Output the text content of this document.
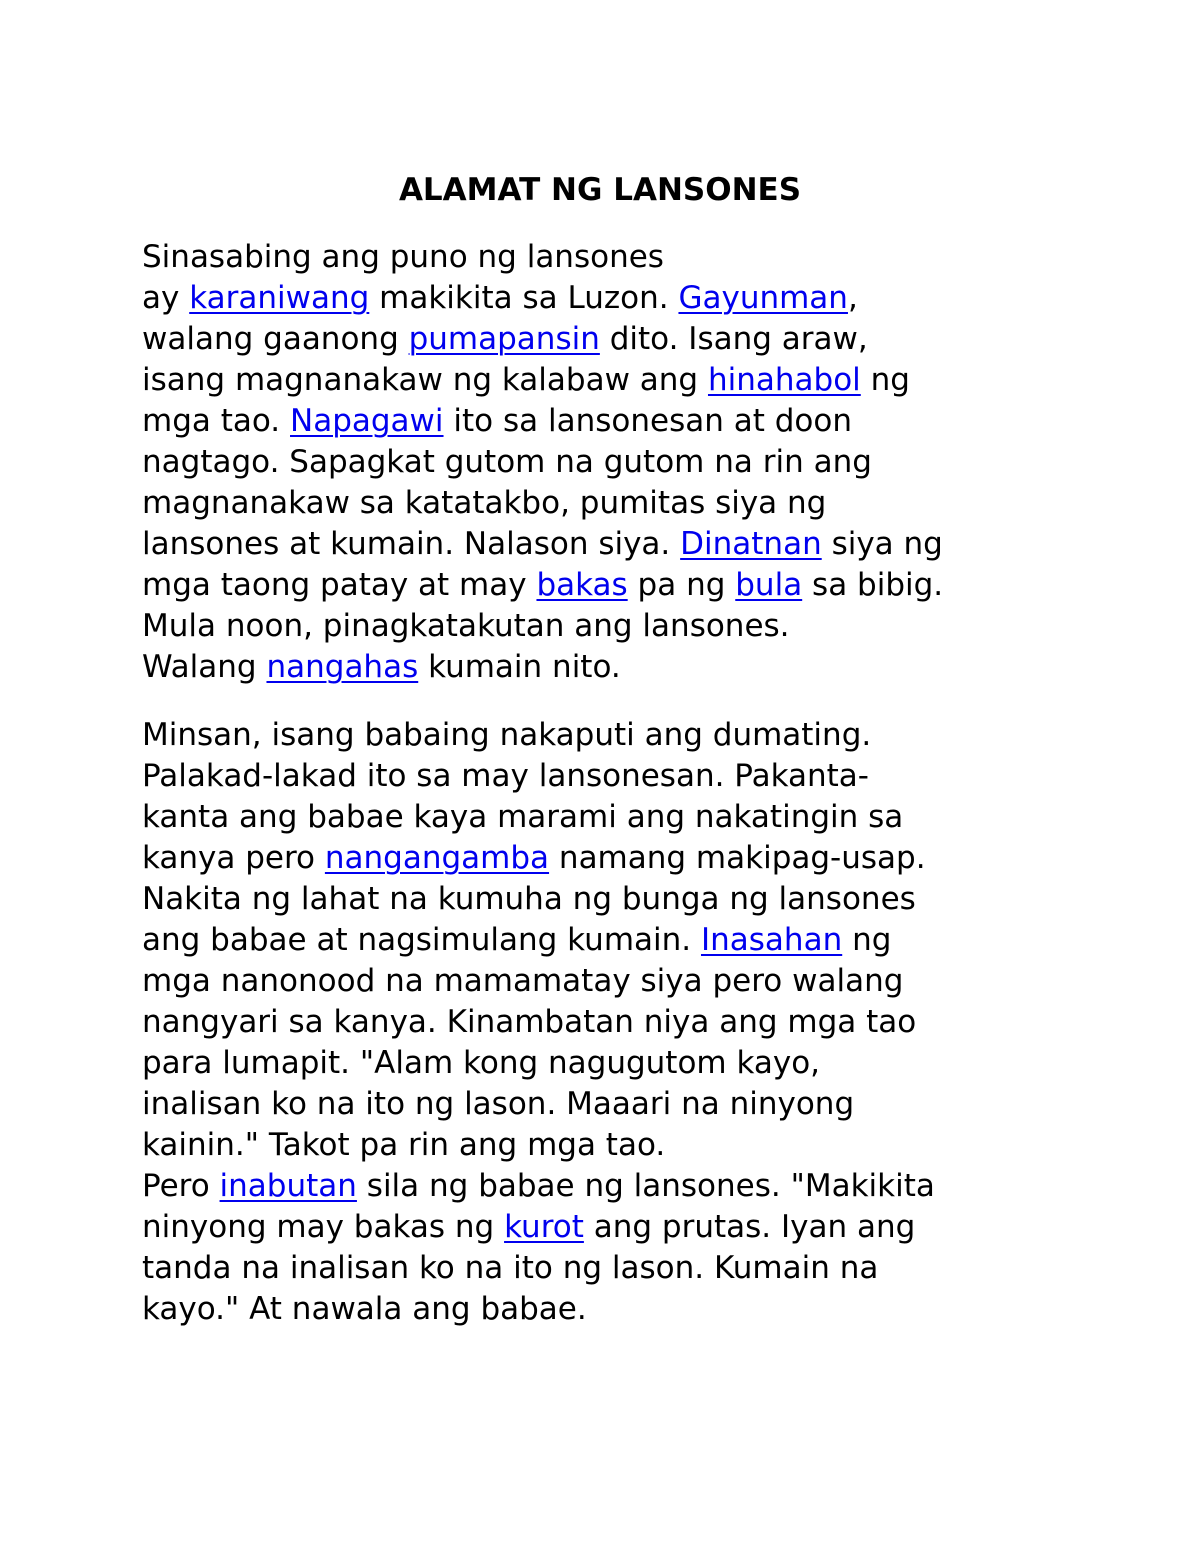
ALAMAT NG LANSONES
Sinasabing ang puno ng lansones
ay karaniwang makikita sa Luzon. Gayunman,
walang gaanong pumapansin dito. Isang araw,
isang magnanakaw ng kalabaw ang hinahabol ng
mga tao. Napagawi ito sa lansonesan at doon
nagtago. Sapagkat gutom na gutom na rin ang
magnanakaw sa katatakbo, pumitas siya ng
lansones at kumain. Nalason siya. Dinatnan siya ng
mga taong patay at may bakas pa ng bula sa bibig.
Mula noon, pinagkatakutan ang lansones.
Walang nangahas kumain nito.
Minsan, isang babaing nakaputi ang dumating.
Palakad-lakad ito sa may lansonesan. Pakanta-
kanta ang babae kaya marami ang nakatingin sa
kanya pero nangangamba namang makipag-usap.
Nakita ng lahat na kumuha ng bunga ng lansones
ang babae at nagsimulang kumain. Inasahan ng
mga nanonood na mamamatay siya pero walang
nangyari sa kanya. Kinambatan niya ang mga tao
para lumapit. "Alam kong nagugutom kayo,
inalisan ko na ito ng lason. Maaari na ninyong
kainin." Takot pa rin ang mga tao.
Pero inabutan sila ng babae ng lansones. "Makikita
ninyong may bakas ng kurot ang prutas. Iyan ang
tanda na inalisan ko na ito ng lason. Kumain na
kayo." At nawala ang babae.
